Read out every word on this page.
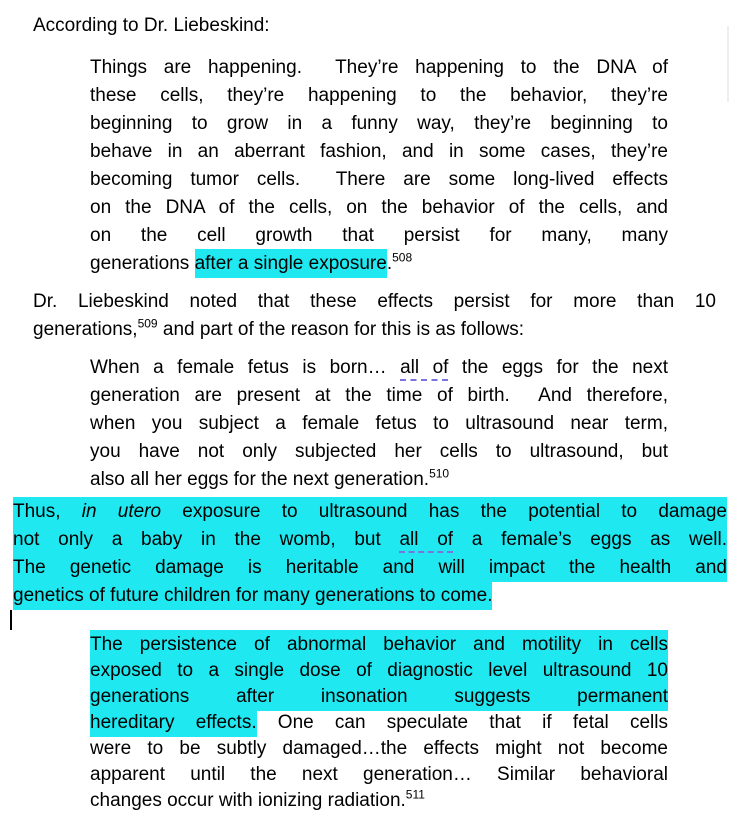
According to Dr. Liebeskind:
Things are happening.  They’re happening to the DNA of
these cells, they’re happening to the behavior, they’re
beginning to grow in a funny way, they’re beginning to
behave in an aberrant fashion, and in some cases, they’re
becoming tumor cells.  There are some long-lived effects
on the DNA of the cells, on the behavior of the cells, and
on the cell growth that persist for many, many
generations after a single exposure.$^{508}$
Dr. Liebeskind noted that these effects persist for more than 10
generations,$^{509}$ and part of the reason for this is as follows:
When a female fetus is born… all of the eggs for the next
generation are present at the time of birth.  And therefore,
when you subject a female fetus to ultrasound near term,
you have not only subjected her cells to ultrasound, but
also all her eggs for the next generation.$^{510}$
Thus, in utero exposure to ultrasound has the potential to damage
not only a baby in the womb, but all of a female’s eggs as well.
The genetic damage is heritable and will impact the health and
genetics of future children for many generations to come.
The persistence of abnormal behavior and motility in cells
exposed to a single dose of diagnostic level ultrasound 10
generations after insonation suggests permanent
hereditary effects. One can speculate that if fetal cells
were to be subtly damaged…the effects might not become
apparent until the next generation… Similar behavioral
changes occur with ionizing radiation.$^{511}$
